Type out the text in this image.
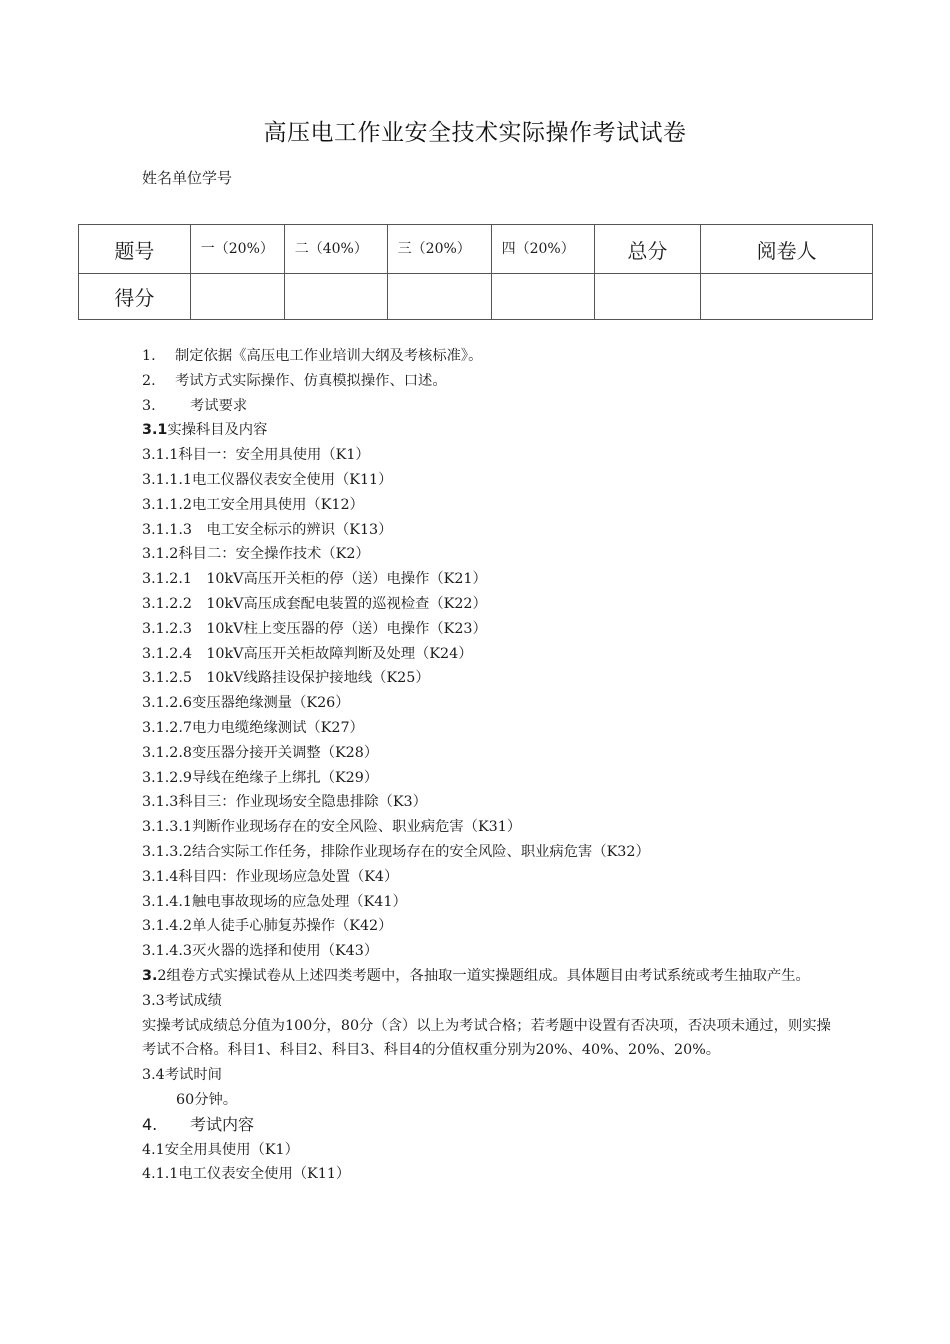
高压电工作业安全技术实际操作考试试卷
姓名单位学号
题号	一（20%）	二（40%）	三（20%）	四（20%）	总分	阅卷人
得分						
1. 制定依据《高压电工作业培训大纲及考核标准》。
2. 考试方式实际操作、仿真模拟操作、口述。
3. 考试要求
3.1实操科目及内容
3.1.1科目一：安全用具使用（K1）
3.1.1.1电工仪器仪表安全使用（K11）
3.1.1.2电工安全用具使用（K12）
3.1.1.3　电工安全标示的辨识（K13）
3.1.2科目二：安全操作技术（K2）
3.1.2.1　10kV高压开关柜的停（送）电操作（K21）
3.1.2.2　10kV高压成套配电装置的巡视检查（K22）
3.1.2.3　10kV柱上变压器的停（送）电操作（K23）
3.1.2.4　10kV高压开关柜故障判断及处理（K24）
3.1.2.5　10kV线路挂设保护接地线（K25）
3.1.2.6变压器绝缘测量（K26）
3.1.2.7电力电缆绝缘测试（K27）
3.1.2.8变压器分接开关调整（K28）
3.1.2.9导线在绝缘子上绑扎（K29）
3.1.3科目三：作业现场安全隐患排除（K3）
3.1.3.1判断作业现场存在的安全风险、职业病危害（K31）
3.1.3.2结合实际工作任务，排除作业现场存在的安全风险、职业病危害（K32）
3.1.4科目四：作业现场应急处置（K4）
3.1.4.1触电事故现场的应急处理（K41）
3.1.4.2单人徒手心肺复苏操作（K42）
3.1.4.3灭火器的选择和使用（K43）
3.2组卷方式实操试卷从上述四类考题中，各抽取一道实操题组成。具体题目由考试系统或考生抽取产生。
3.3考试成绩
实操考试成绩总分值为100分，80分（含）以上为考试合格；若考题中设置有否决项，否决项未通过，则实操考试不合格。科目1、科目2、科目3、科目4的分值权重分别为20%、40%、20%、20%。
3.4考试时间
60分钟。
4. 考试内容
4.1安全用具使用（K1）
4.1.1电工仪表安全使用（K11）
